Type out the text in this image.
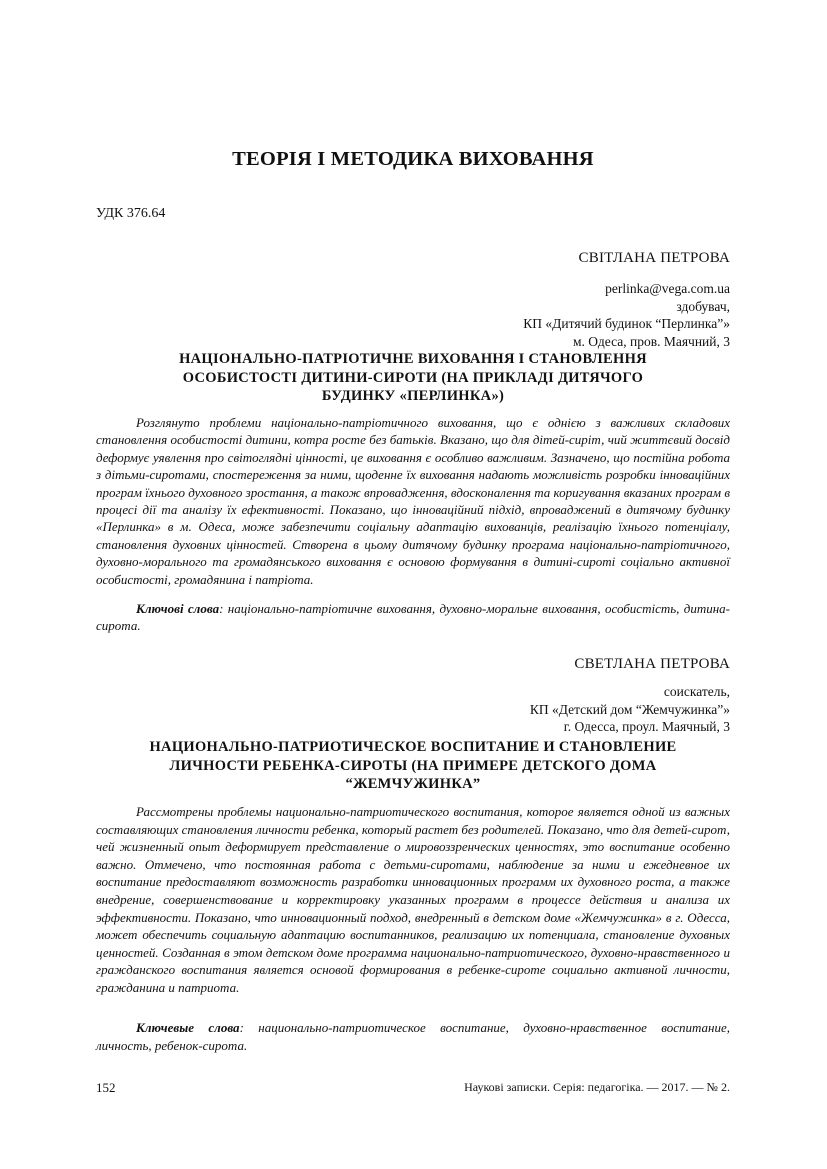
ТЕОРІЯ І МЕТОДИКА ВИХОВАННЯ
УДК 376.64
СВІТЛАНА ПЕТРОВА
perlinka@vega.com.ua
здобувач,
КП «Дитячий будинок “Перлинка”»
м. Одеса, пров. Маячний, 3
НАЦІОНАЛЬНО-ПАТРІОТИЧНЕ ВИХОВАННЯ І СТАНОВЛЕННЯ
ОСОБИСТОСТІ ДИТИНИ-СИРОТИ (НА ПРИКЛАДІ ДИТЯЧОГО
БУДИНКУ «ПЕРЛИНКА»)

Розглянуто проблеми національно-патріотичного виховання, що є однією з важливих складових становлення особистості дитини, котра росте без батьків. Вказано, що для дітей-сиріт, чий життєвий досвід деформує уявлення про світоглядні цінності, це виховання є особливо важливим. Зазначено, що постійна робота з дітьми-сиротами, спостереження за ними, щоденне їх виховання надають можливість розробки інноваційних програм їхнього духовного зростання, а також впровадження, вдосконалення та коригування вказаних програм в процесі дії та аналізу їх ефективності. Показано, що інноваційний підхід, впроваджений в дитячому будинку «Перлинка» в м. Одеса, може забезпечити соціальну адаптацію вихованців, реалізацію їхнього потенціалу, становлення духовних цінностей. Створена в цьому дитячому будинку програма національно-патріотичного, духовно-морального та громадянського виховання є основою формування в дитині-сироті соціально активної особистості, громадянина і патріота.

Ключові слова: національно-патріотичне виховання, духовно-моральне виховання, особистість, дитина-сирота.

СВЕТЛАНА ПЕТРОВА
соискатель,
КП «Детский дом “Жемчужинка”»
г. Одесса, проул. Маячный, 3
НАЦИОНАЛЬНО-ПАТРИОТИЧЕСКОЕ ВОСПИТАНИЕ И СТАНОВЛЕНИЕ
ЛИЧНОСТИ РЕБЕНКА-СИРОТЫ (НА ПРИМЕРЕ ДЕТСКОГО ДОМА
“ЖЕМЧУЖИНКА”

Рассмотрены проблемы национально-патриотического воспитания, которое является одной из важных составляющих становления личности ребенка, который растет без родителей. Показано, что для детей-сирот, чей жизненный опыт деформирует представление о мировоззренческих ценностях, это воспитание особенно важно. Отмечено, что постоянная работа с детьми-сиротами, наблюдение за ними и ежедневное их воспитание предоставляют возможность разработки инновационных программ их духовного роста, а также внедрение, совершенствование и корректировку указанных программ в процессе действия и анализа их эффективности. Показано, что инновационный подход, внедренный в детском доме «Жемчужинка» в г. Одесса, может обеспечить социальную адаптацию воспитанников, реализацию их потенциала, становление духовных ценностей. Созданная в этом детском доме программа национально-патриотического, духовно-нравственного и гражданского воспитания является основой формирования в ребенке-сироте социально активной личности, гражданина и патриота.

Ключевые слова: национально-патриотическое воспитание, духовно-нравственное воспитание, личность, ребенок-сирота.

152	Наукові записки. Серія: педагогіка. — 2017. — № 2.
